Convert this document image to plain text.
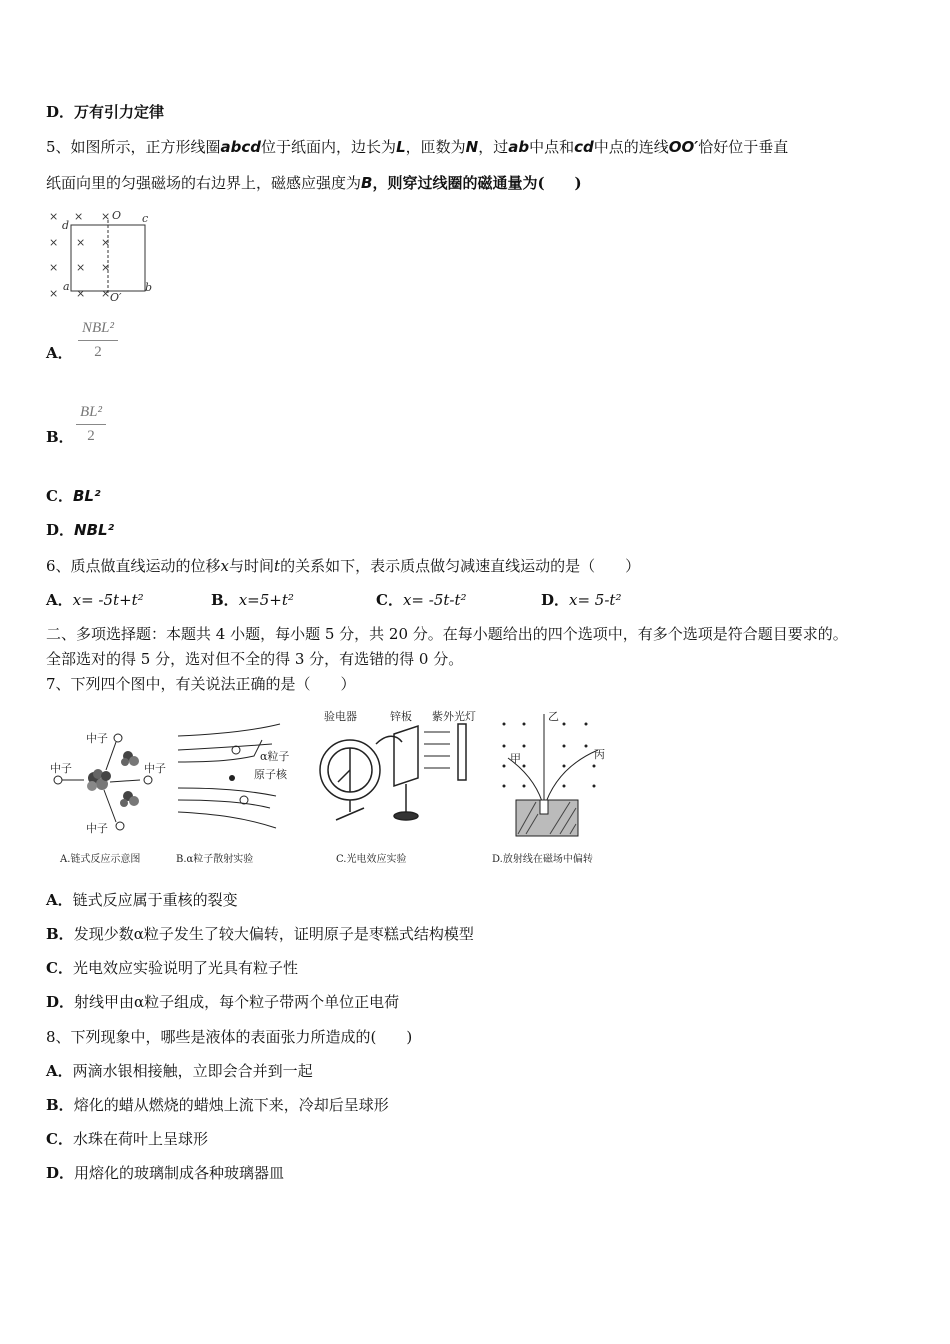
D．万有引力定律
5、如图所示，正方形线圈abcd位于纸面内，边长为L，匝数为N，过ab中点和cd中点的连线OO′恰好位于垂直
纸面向里的匀强磁场的右边界上，磁感应强度为B，则穿过线圈的磁通量为(　　)
× × ×
× × ×
× × ×
× × ×
d
c
a	b
O
O′
A．
NBL²
2
B． $\frac{\text{BL²}}{2}$
C．BL²
D．NBL²
6、质点做直线运动的位移x与时间t的关系如下，表示质点做匀减速直线运动的是（　　）
A．x= -5t+t²	B．x=5+t²	C．x= -5t-t²	D．x= 5-t²
二、多项选择题：本题共 4 小题，每小题 5 分，共 20 分。在每小题给出的四个选项中，有多个选项是符合题目要求的。
全部选对的得 5 分，选对但不全的得 3 分，有选错的得 0 分。
7、下列四个图中，有关说法正确的是（　　）
中子
中子	中子
中子
A.链式反应示意图
α粒子
原子核
B.α粒子散射实验
验电器	锌板 紫外光灯
C.光电效应实验
乙
甲	丙
D.放射线在磁场中偏转
A．链式反应属于重核的裂变
B．发现少数α粒子发生了较大偏转，证明原子是枣糕式结构模型
C．光电效应实验说明了光具有粒子性
D．射线甲由α粒子组成，每个粒子带两个单位正电荷
8、下列现象中，哪些是液体的表面张力所造成的(　　)
A．两滴水银相接触，立即会合并到一起
B．熔化的蜡从燃烧的蜡烛上流下来，冷却后呈球形
C．水珠在荷叶上呈球形
D．用熔化的玻璃制成各种玻璃器皿
